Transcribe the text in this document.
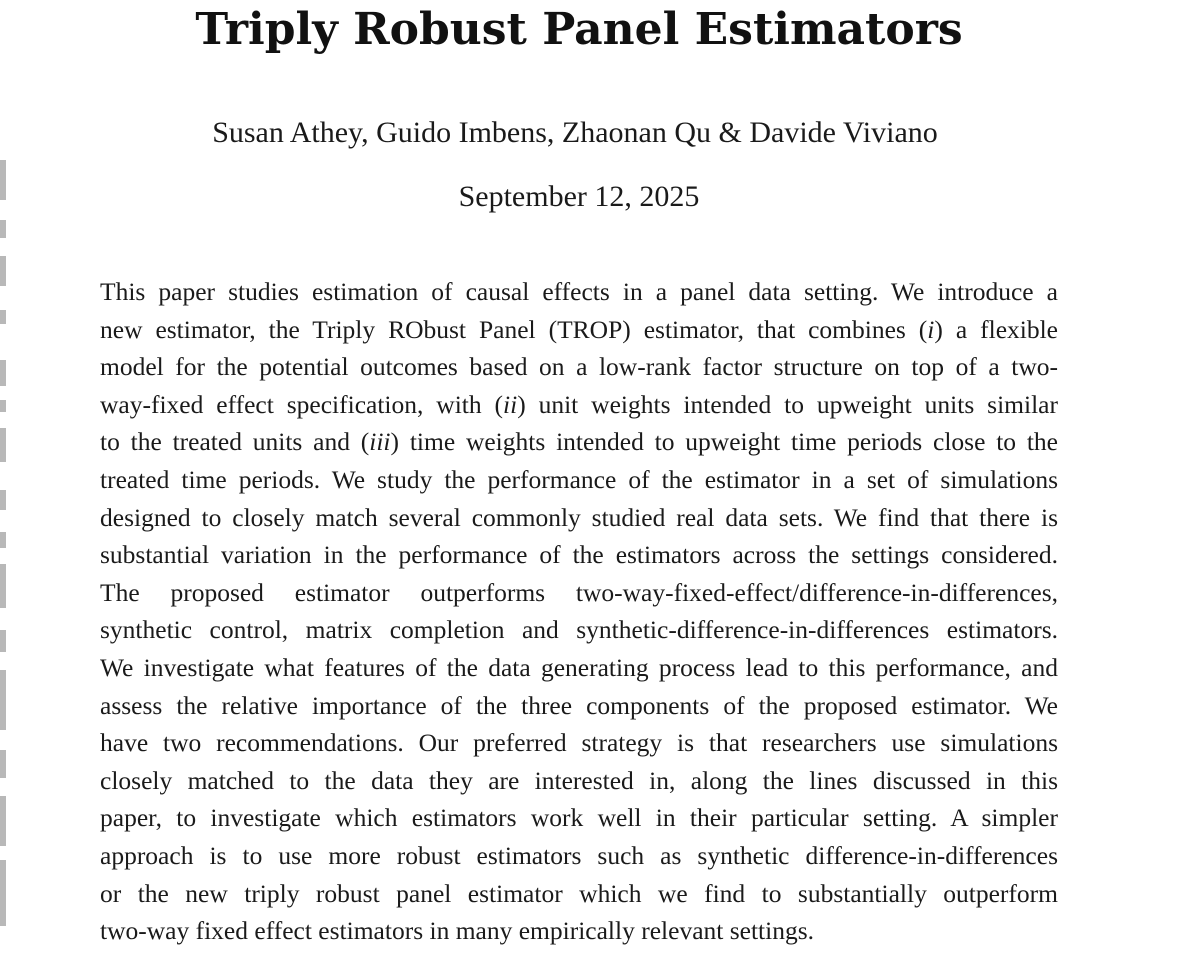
Triply Robust Panel Estimators

Susan Athey, Guido Imbens, Zhaonan Qu & Davide Viviano

September 12, 2025

This paper studies estimation of causal effects in a panel data setting. We introduce a
new estimator, the Triply RObust Panel (TROP) estimator, that combines (i) a flexible
model for the potential outcomes based on a low-rank factor structure on top of a two-
way-fixed effect specification, with (ii) unit weights intended to upweight units similar
to the treated units and (iii) time weights intended to upweight time periods close to the
treated time periods. We study the performance of the estimator in a set of simulations
designed to closely match several commonly studied real data sets. We find that there is
substantial variation in the performance of the estimators across the settings considered.
The proposed estimator outperforms two-way-fixed-effect/difference-in-differences,
synthetic control, matrix completion and synthetic-difference-in-differences estimators.
We investigate what features of the data generating process lead to this performance, and
assess the relative importance of the three components of the proposed estimator. We
have two recommendations. Our preferred strategy is that researchers use simulations
closely matched to the data they are interested in, along the lines discussed in this
paper, to investigate which estimators work well in their particular setting. A simpler
approach is to use more robust estimators such as synthetic difference-in-differences
or the new triply robust panel estimator which we find to substantially outperform
two-way fixed effect estimators in many empirically relevant settings.
